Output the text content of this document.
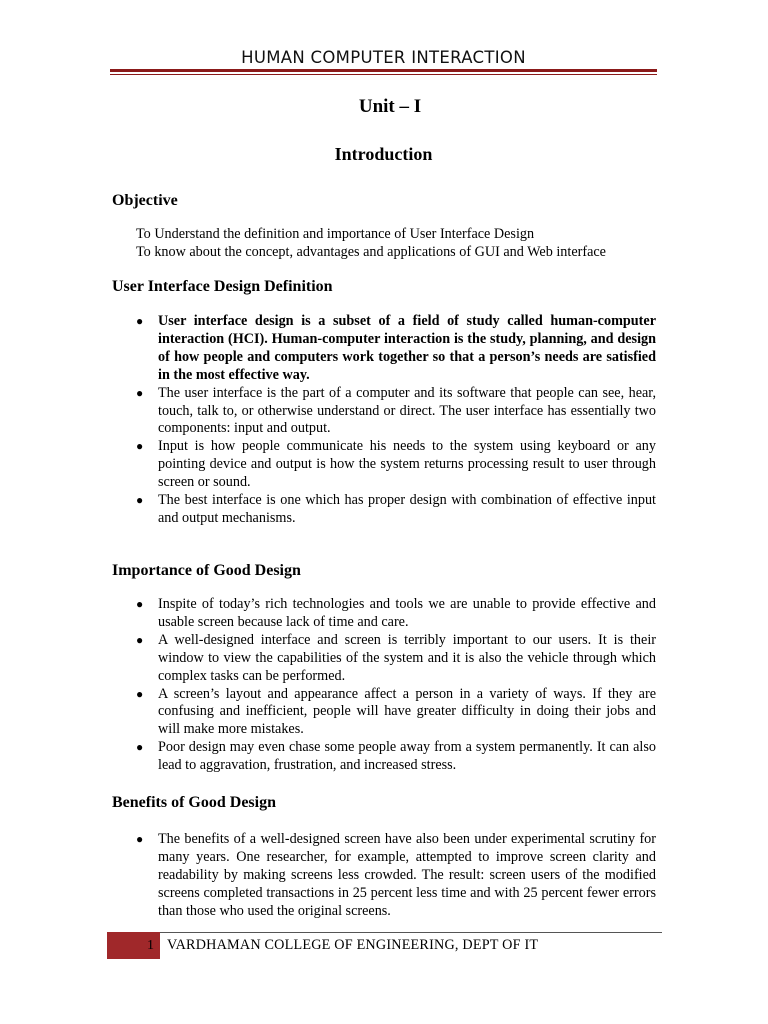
HUMAN COMPUTER INTERACTION
Unit – I
Introduction
Objective
To Understand the definition and importance of User Interface Design
To know about the concept, advantages and applications of GUI and Web interface
User Interface Design Definition
● User interface design is a subset of a field of study called human-computer interaction (HCI). Human-computer interaction is the study, planning, and design of how people and computers work together so that a person’s needs are satisfied in the most effective way.
● The user interface is the part of a computer and its software that people can see, hear, touch, talk to, or otherwise understand or direct. The user interface has essentially two components: input and output.
● Input is how people communicate his needs to the system using keyboard or any pointing device and output is how the system returns processing result to user through screen or sound.
● The best interface is one which has proper design with combination of effective input and output mechanisms.
Importance of Good Design
● Inspite of today’s rich technologies and tools we are unable to provide effective and usable screen because lack of time and care.
● A well-designed interface and screen is terribly important to our users. It is their window to view the capabilities of the system and it is also the vehicle through which complex tasks can be performed.
● A screen’s layout and appearance affect a person in a variety of ways. If they are confusing and inefficient, people will have greater difficulty in doing their jobs and will make more mistakes.
● Poor design may even chase some people away from a system permanently. It can also lead to aggravation, frustration, and increased stress.
Benefits of Good Design
● The benefits of a well-designed screen have also been under experimental scrutiny for many years. One researcher, for example, attempted to improve screen clarity and readability by making screens less crowded. The result: screen users of the modified screens completed transactions in 25 percent less time and with 25 percent fewer errors than those who used the original screens.
1 VARDHAMAN COLLEGE OF ENGINEERING, DEPT OF IT
